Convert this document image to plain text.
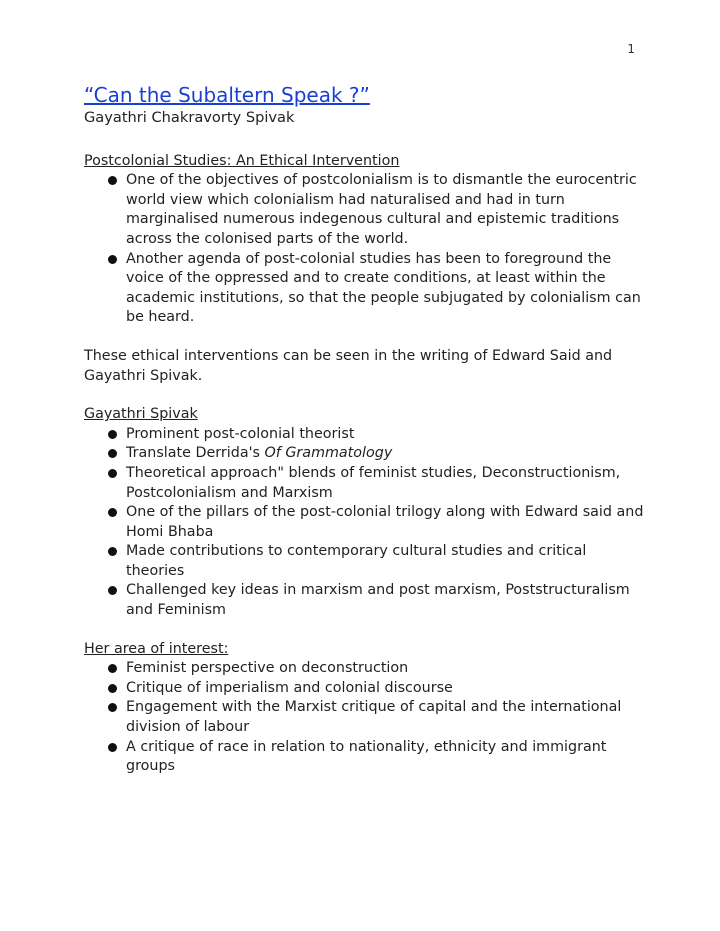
1

“Can the Subaltern Speak ?”

Gayathri Chakravorty Spivak

Postcolonial Studies: An Ethical Intervention

One of the objectives of postcolonialism is to dismantle the eurocentric world view which colonialism had naturalised and had in turn marginalised numerous indegenous cultural and epistemic traditions across the colonised parts of the world.
Another agenda of post-colonial studies has been to foreground the voice of the oppressed and to create conditions, at least within the academic institutions, so that the people subjugated by colonialism can be heard.

These ethical interventions can be seen in the writing of Edward Said and Gayathri Spivak.

Gayathri Spivak

Prominent post-colonial theorist
Translate Derrida's Of Grammatology
Theoretical approach" blends of feminist studies, Deconstructionism, Postcolonialism and Marxism
One of the pillars of the post-colonial trilogy along with Edward said and Homi Bhaba
Made contributions to contemporary cultural studies and critical theories
Challenged key ideas in marxism and post marxism, Poststructuralism and Feminism

Her area of interest:

Feminist perspective on deconstruction
Critique of imperialism and colonial discourse
Engagement with the Marxist critique of capital and the international division of labour
A critique of race in relation to nationality, ethnicity and immigrant groups
